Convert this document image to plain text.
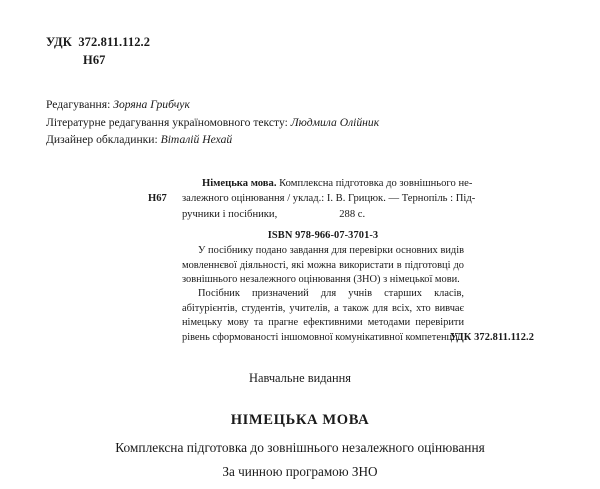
УДК  372.811.112.2
Н67
Редагування: Зоряна Грибчук
Літературне редагування україномовного тексту: Людмила Олійник
Дизайнер обкладинки: Віталій Нехай
Німецька мова. Комплексна підготовка до зовнішнього не-
Н67 залежного оцінювання / уклад.: І. В. Грицюк. — Тернопіль : Під-
ручники і посібники,	288 с.
ISBN 978-966-07-3701-3

У посібнику подано завдання для перевірки основних видів мовленнєвої діяльності, які можна використати в підготовці до зовнішнього незалежного оцінювання (ЗНО) з німецької мови.

Посібник призначений для учнів старших класів, абітурієнтів, студентів, учителів, а також для всіх, хто вивчає німецьку мову та прагне ефективними методами перевірити рівень сформованості іншомовної комунікативної компетенції.

УДК 372.811.112.2
Навчальне видання
НІМЕЦЬКА МОВА
Комплексна підготовка до зовнішнього незалежного оцінювання
За чинною програмою ЗНО
